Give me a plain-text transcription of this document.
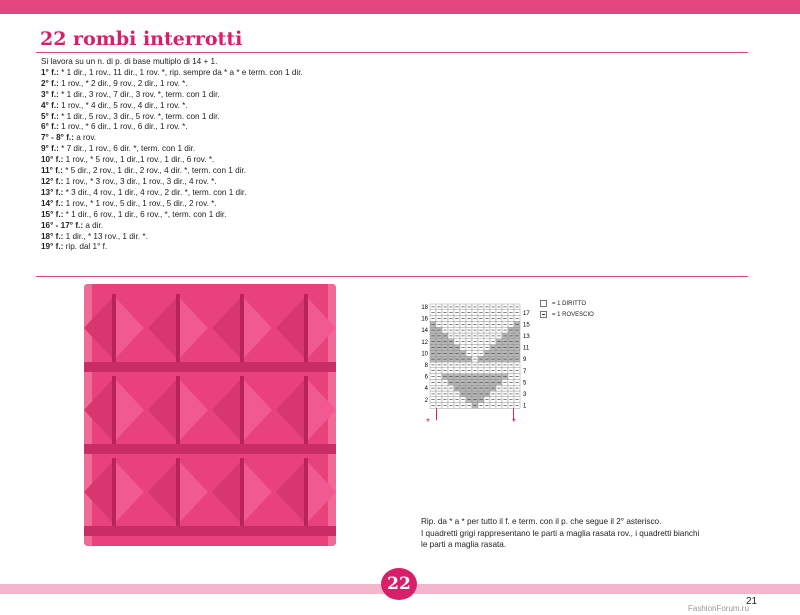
22 rombi interrotti
Si lavora su un n. di p. di base multiplo di 14 + 1.
1° f.: * 1 dir., 1 rov., 11 dir., 1 rov. *, rip. sempre da * a * e term. con 1 dir.
2° f.: 1 rov., * 2 dir., 9 rov., 2 dir., 1 rov. *.
3° f.: * 1 dir., 3 rov., 7 dir., 3 rov. *, term. con 1 dir.
4° f.: 1 rov., * 4 dir., 5 rov., 4 dir., 1 rov. *.
5° f.: * 1 dir., 5 rov., 3 dir., 5 rov. *, term. con 1 dir.
6° f.: 1 rov., * 6 dir., 1 rov., 6 dir., 1 rov. *.
7° - 8° f.: a rov.
9° f.: * 7 dir., 1 rov., 6 dir. *, term. con 1 dir.
10° f.: 1 rov., * 5 rov., 1 dir.,1 rov., 1 dir., 6 rov. *.
11° f.: * 5 dir., 2 rov., 1 dir., 2 rov., 4 dir. *, term. con 1 dir.
12° f.: 1 rov., * 3 rov., 3 dir., 1 rov., 3 dir., 4 rov. *.
13° f.: * 3 dir., 4 rov., 1 dir., 4 rov., 2 dir. *, term. con 1 dir.
14° f.: 1 rov., * 1 rov., 5 dir., 1 rov., 5 dir., 2 rov. *.
15° f.: * 1 dir., 6 rov., 1 dir., 6 rov., *, term. con 1 dir.
16° - 17° f.: a dir.
18° f.: 1 dir., * 13 rov., 1 dir. *.
19° f.: rip. dal 1° f.
18
16
14
12
10
8
6
4
2
17
15
13
11
9
7
5
3
1
*	*
= 1 DIRITTO
= 1 ROVESCIO

Rip. da * a * per tutto il f. e term. con il p. che segue il 2° asterisco.

I quadretti grigi rappresentano le parti a maglia rasata rov., i quadretti bianchi

le parti a maglia rasata.

22
21
FashionForum.ru
